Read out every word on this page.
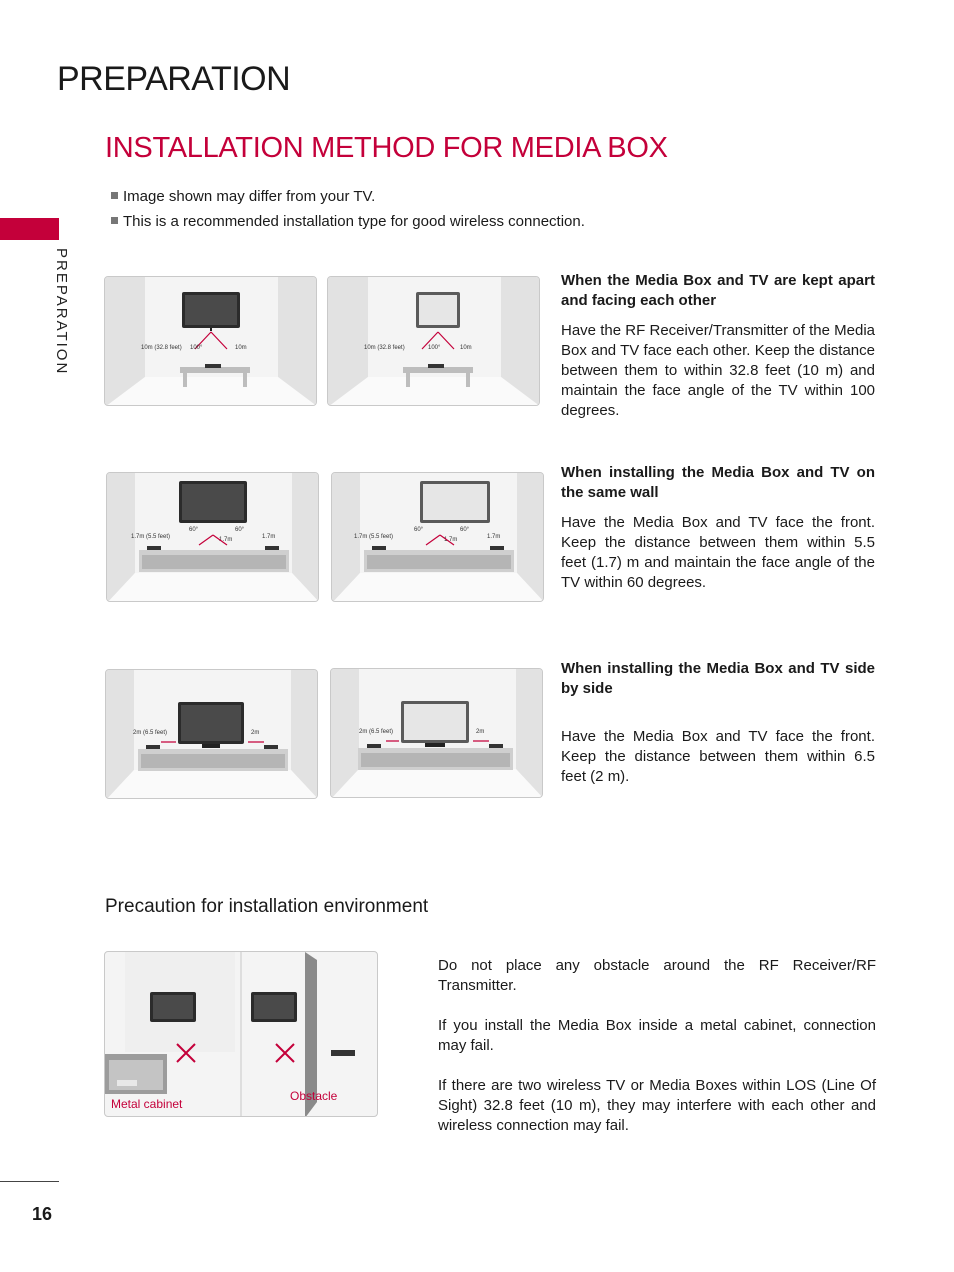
PREPARATION
PREPARATION
INSTALLATION METHOD FOR MEDIA BOX
Image shown may differ from your TV.
This is a recommended installation type for good wireless connection.
100°
10m (32.8 feet)	10m	100°
10m (32.8 feet)	10m
When the Media Box and TV are kept apart and facing each other
Have the RF Receiver/Transmitter of the Media Box and TV face each other. Keep the distance between them to within 32.8 feet (10 m) and maintain the face angle of the TV within 100 degrees.
60°	60°
1.7m (5.5 feet)	1.7m	1.7m
60°	60°
1.7m (5.5 feet)	1.7m	1.7m
When installing the Media Box and TV on the same wall
Have the Media Box and TV face the front. Keep the distance between them within 5.5 feet (1.7) m and maintain the face angle of the TV within 60 degrees.
2m (6.5 feet)	2m	2m (6.5 feet)	2m
When installing the Media Box and TV side by side
Have the Media Box and TV face the front. Keep the distance between them within 6.5 feet (2 m).
Precaution for installation environment
Metal cabinet
Obstacle

Do not place any obstacle around the RF Receiver/RF Transmitter.

If you install the Media Box inside a metal cabinet, connection may fail.

If there are two wireless TV or Media Boxes within LOS (Line Of Sight) 32.8 feet (10 m), they may interfere with each other and wireless connection may fail.

16
